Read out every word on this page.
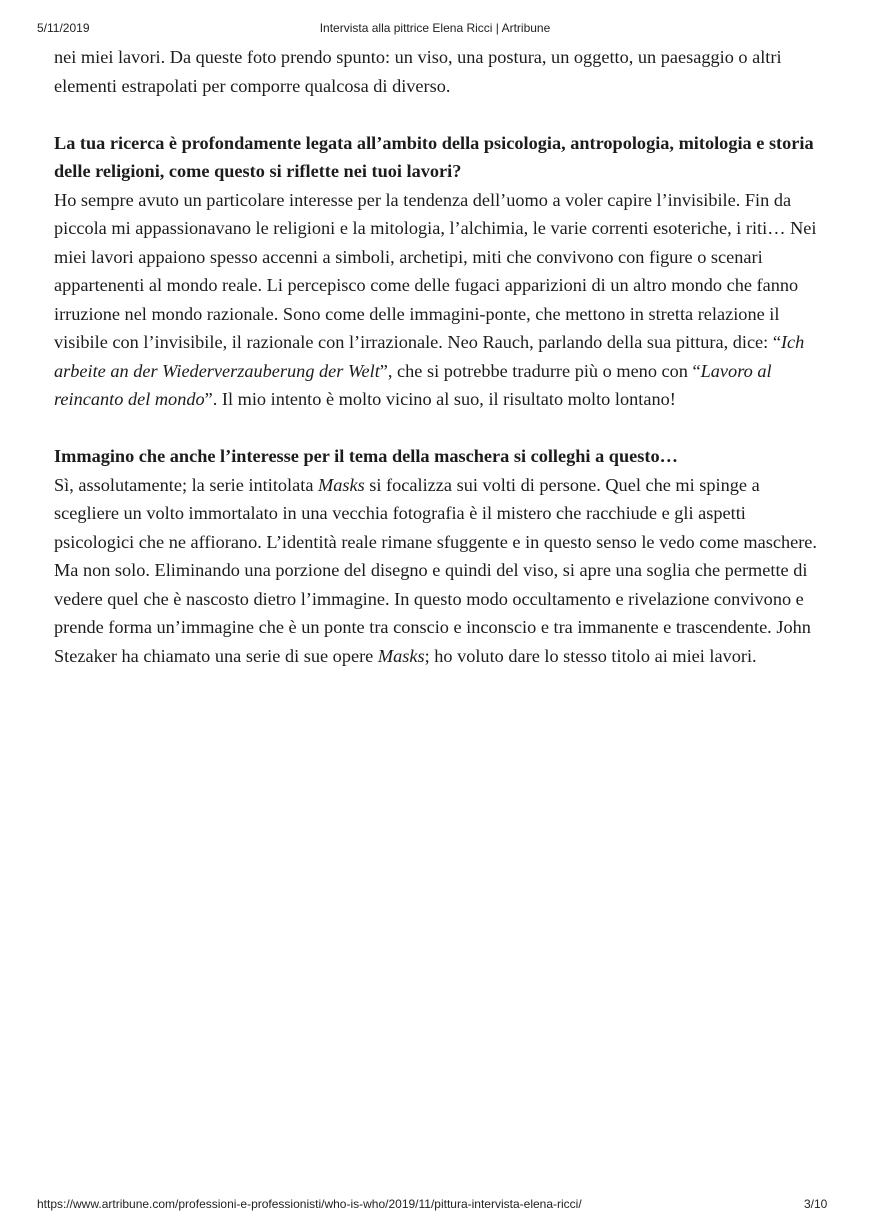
5/11/2019	Intervista alla pittrice Elena Ricci | Artribune

nei miei lavori. Da queste foto prendo spunto: un viso, una postura, un oggetto, un paesaggio o altri elementi estrapolati per comporre qualcosa di diverso.

La tua ricerca è profondamente legata all’ambito della psicologia, antropologia, mitologia e storia delle religioni, come questo si riflette nei tuoi lavori?

Ho sempre avuto un particolare interesse per la tendenza dell’uomo a voler capire l’invisibile. Fin da piccola mi appassionavano le religioni e la mitologia, l’alchimia, le varie correnti esoteriche, i riti… Nei miei lavori appaiono spesso accenni a simboli, archetipi, miti che convivono con figure o scenari appartenenti al mondo reale. Li percepisco come delle fugaci apparizioni di un altro mondo che fanno irruzione nel mondo razionale. Sono come delle immagini-ponte, che mettono in stretta relazione il visibile con l’invisibile, il razionale con l’irrazionale. Neo Rauch, parlando della sua pittura, dice: “Ich arbeite an der Wiederverzauberung der Welt”, che si potrebbe tradurre più o meno con “Lavoro al reincanto del mondo”. Il mio intento è molto vicino al suo, il risultato molto lontano!

Immagino che anche l’interesse per il tema della maschera si colleghi a questo…

Sì, assolutamente; la serie intitolata Masks si focalizza sui volti di persone. Quel che mi spinge a scegliere un volto immortalato in una vecchia fotografia è il mistero che racchiude e gli aspetti psicologici che ne affiorano. L’identità reale rimane sfuggente e in questo senso le vedo come maschere. Ma non solo. Eliminando una porzione del disegno e quindi del viso, si apre una soglia che permette di vedere quel che è nascosto dietro l’immagine. In questo modo occultamento e rivelazione convivono e prende forma un’immagine che è un ponte tra conscio e inconscio e tra immanente e trascendente. John Stezaker ha chiamato una serie di sue opere Masks; ho voluto dare lo stesso titolo ai miei lavori.

https://www.artribune.com/professioni-e-professionisti/who-is-who/2019/11/pittura-intervista-elena-ricci/	3/10
